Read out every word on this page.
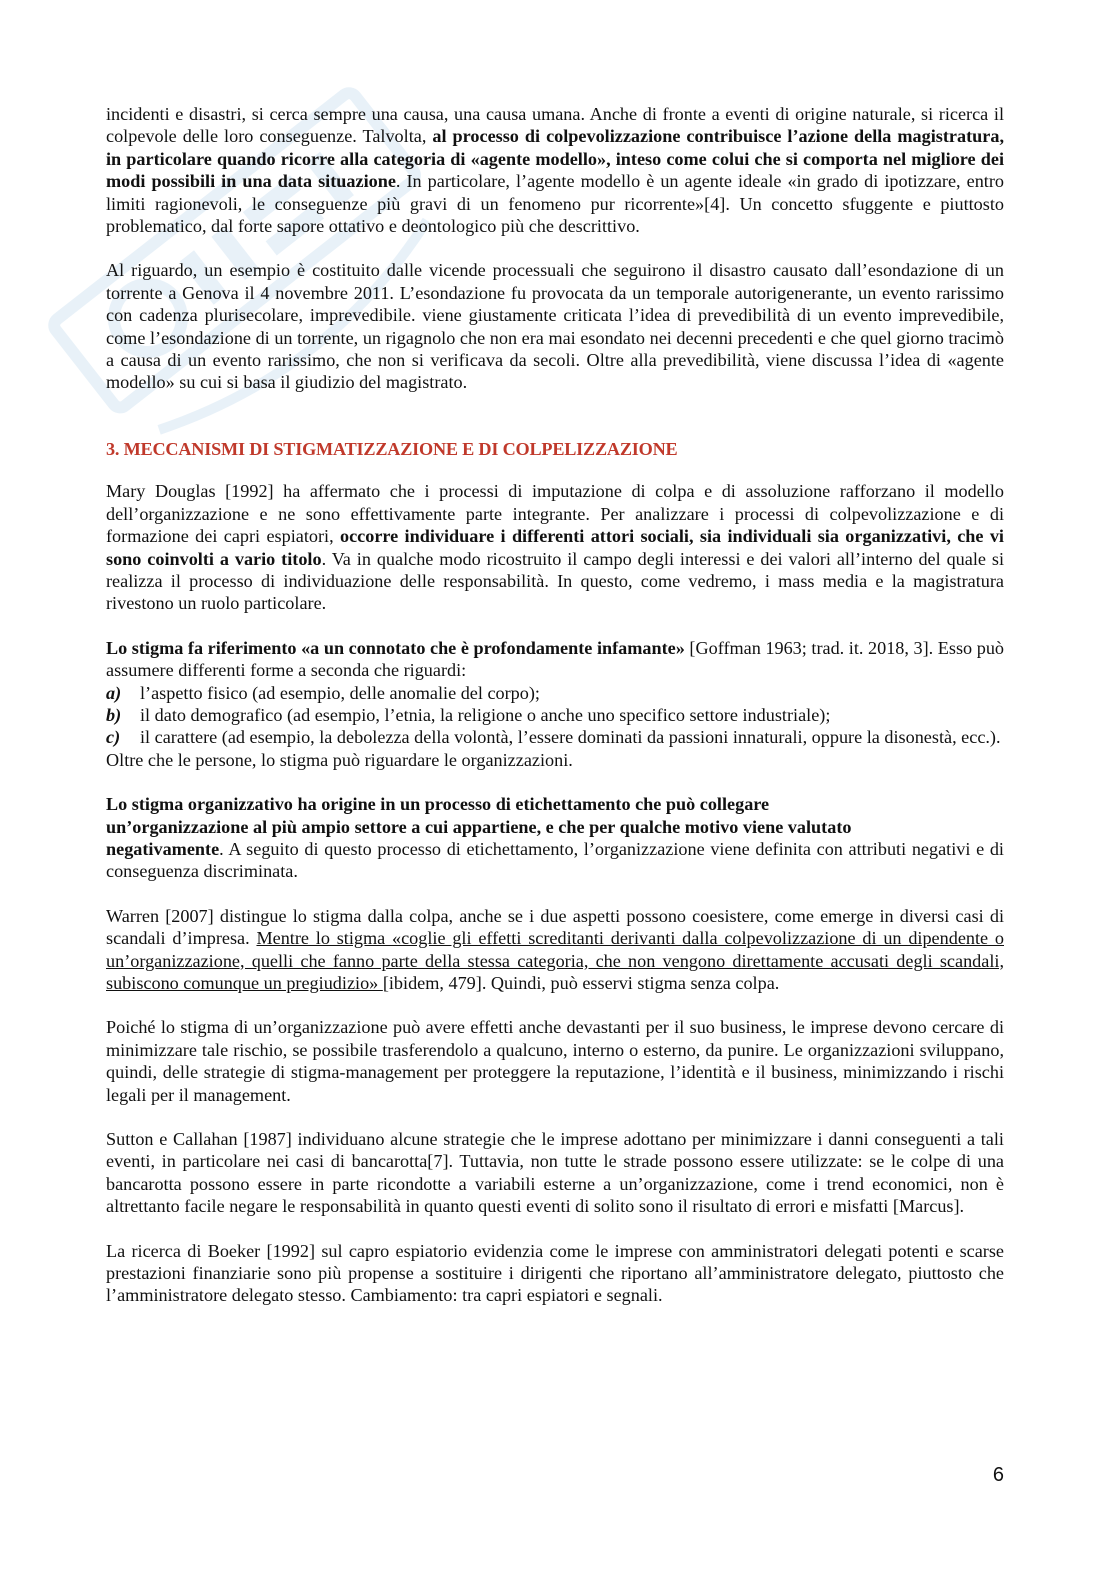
incidenti e disastri, si cerca sempre una causa, una causa umana. Anche di fronte a eventi di origine naturale, si ricerca il colpevole delle loro conseguenze. Talvolta, al processo di colpevolizzazione contribuisce l’azione della magistratura, in particolare quando ricorre alla categoria di «agente modello», inteso come colui che si comporta nel migliore dei modi possibili in una data situazione. In particolare, l’agente modello è un agente ideale «in grado di ipotizzare, entro limiti ragionevoli, le conseguenze più gravi di un fenomeno pur ricorrente»[4]. Un concetto sfuggente e piuttosto problematico, dal forte sapore ottativo e deontologico più che descrittivo.

Al riguardo, un esempio è costituito dalle vicende processuali che seguirono il disastro causato dall’esondazione di un torrente a Genova il 4 novembre 2011. L’esondazione fu provocata da un temporale autorigenerante, un evento rarissimo con cadenza plurisecolare, imprevedibile. viene giustamente criticata l’idea di prevedibilità di un evento imprevedibile, come l’esondazione di un torrente, un rigagnolo che non era mai esondato nei decenni precedenti e che quel giorno tracimò a causa di un evento rarissimo, che non si verificava da secoli. Oltre alla prevedibilità, viene discussa l’idea di «agente modello» su cui si basa il giudizio del magistrato.

3. MECCANISMI DI STIGMATIZZAZIONE E DI COLPELIZZAZIONE

Mary Douglas [1992] ha affermato che i processi di imputazione di colpa e di assoluzione rafforzano il modello dell’organizzazione e ne sono effettivamente parte integrante. Per analizzare i processi di colpevolizzazione e di formazione dei capri espiatori, occorre individuare i differenti attori sociali, sia individuali sia organizzativi, che vi sono coinvolti a vario titolo. Va in qualche modo ricostruito il campo degli interessi e dei valori all’interno del quale si realizza il processo di individuazione delle responsabilità. In questo, come vedremo, i mass media e la magistratura rivestono un ruolo particolare.

Lo stigma fa riferimento «a un connotato che è profondamente infamante» [Goffman 1963; trad. it. 2018, 3]. Esso può assumere differenti forme a seconda che riguardi:

a)	l’aspetto fisico (ad esempio, delle anomalie del corpo);
b)	il dato demografico (ad esempio, l’etnia, la religione o anche uno specifico settore industriale);
c)	il carattere (ad esempio, la debolezza della volontà, l’essere dominati da passioni innaturali, oppure la disonestà, ecc.).

Oltre che le persone, lo stigma può riguardare le organizzazioni.

Lo stigma organizzativo ha origine in un processo di etichettamento che può collegare
un’organizzazione al più ampio settore a cui appartiene, e che per qualche motivo viene valutato

negativamente. A seguito di questo processo di etichettamento, l’organizzazione viene definita con attributi negativi e di conseguenza discriminata.

Warren [2007] distingue lo stigma dalla colpa, anche se i due aspetti possono coesistere, come emerge in diversi casi di scandali d’impresa. Mentre lo stigma «coglie gli effetti screditanti derivanti dalla colpevolizzazione di un dipendente o un’organizzazione, quelli che fanno parte della stessa categoria, che non vengono direttamente accusati degli scandali, subiscono comunque un pregiudizio» [ibidem, 479]. Quindi, può esservi stigma senza colpa.

Poiché lo stigma di un’organizzazione può avere effetti anche devastanti per il suo business, le imprese devono cercare di minimizzare tale rischio, se possibile trasferendolo a qualcuno, interno o esterno, da punire. Le organizzazioni sviluppano, quindi, delle strategie di stigma-management per proteggere la reputazione, l’identità e il business, minimizzando i rischi legali per il management.

Sutton e Callahan [1987] individuano alcune strategie che le imprese adottano per minimizzare i danni conseguenti a tali eventi, in particolare nei casi di bancarotta[7]. Tuttavia, non tutte le strade possono essere utilizzate: se le colpe di una bancarotta possono essere in parte ricondotte a variabili esterne a un’organizzazione, come i trend economici, non è altrettanto facile negare le responsabilità in quanto questi eventi di solito sono il risultato di errori e misfatti [Marcus].

La ricerca di Boeker [1992] sul capro espiatorio evidenzia come le imprese con amministratori delegati potenti e scarse prestazioni finanziarie sono più propense a sostituire i dirigenti che riportano all’amministratore delegato, piuttosto che l’amministratore delegato stesso. Cambiamento: tra capri espiatori e segnali.

6
